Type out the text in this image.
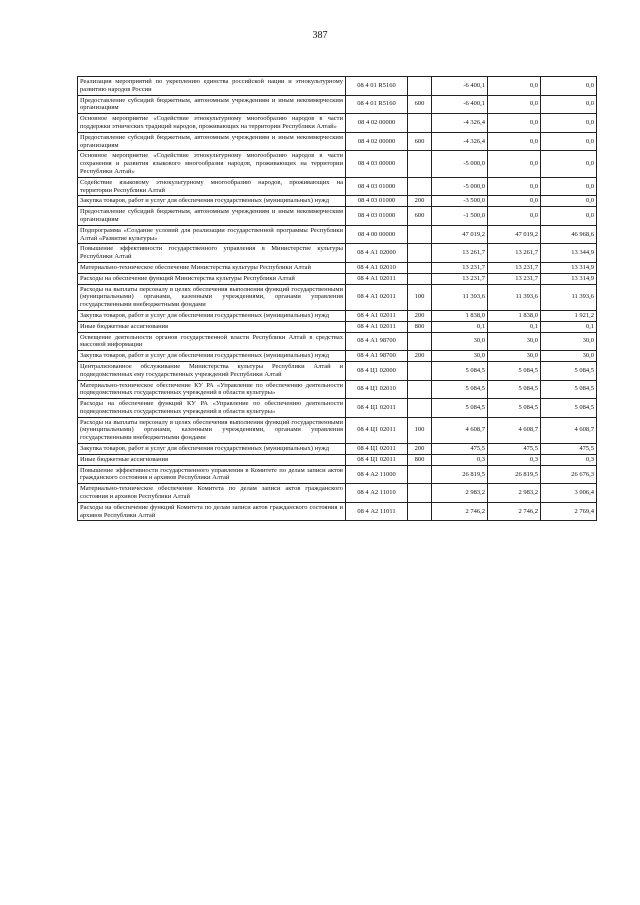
387
Реализация мероприятий по укреплению единства российской нации и этнокультурному развитию народов России	08 4 01 R5160		-6 400,1	0,0	0,0
Предоставление субсидий бюджетным, автономным учреждениям и иным некоммерческим организациям	08 4 01 R5160	600	-6 400,1	0,0	0,0
Основное мероприятие «Содействие этнокультурному многообразию народов в части поддержки этнических традиций народов, проживающих на территории Республики Алтай»	08 4 02 00000		-4 326,4	0,0	0,0
Предоставление субсидий бюджетным, автономным учреждениям и иным некоммерческим организациям	08 4 02 00000	600	-4 326,4	0,0	0,0
Основное мероприятие «Содействие этнокультурному многообразию народов в части сохранения и развития языкового многообразия народов, проживающих на территории Республики Алтай»	08 4 03 00000		-5 000,0	0,0	0,0
Содействие языковому этнокультурному многообразию народов, проживающих на территории Республики Алтай	08 4 03 01000		-5 000,0	0,0	0,0
Закупка товаров, работ и услуг для обеспечения государственных (муниципальных) нужд	08 4 03 01000	200	-3 500,0	0,0	0,0
Предоставление субсидий бюджетным, автономным учреждениям и иным некоммерческим организациям	08 4 03 01000	600	-1 500,0	0,0	0,0
Подпрограмма «Создание условий для реализации государственной программы Республики Алтай «Развитие культуры»	08 4 00 00000		47 019,2	47 019,2	46 968,6
Повышение эффективности государственного управления в Министерстве культуры Республики Алтай	08 4 А1 02000		13 261,7	13 261,7	13 344,9
Материально-техническое обеспечение Министерства культуры Республики Алтай	08 4 А1 02010		13 231,7	13 231,7	13 314,9
Расходы на обеспечение функций Министерства культуры Республики Алтай	08 4 А1 02011		13 231,7	13 231,7	13 314,9
Расходы на выплаты персоналу в целях обеспечения выполнения функций государственными (муниципальными) органами, казенными учреждениями, органами управления государственными внебюджетными фондами	08 4 А1 02011	100	11 393,6	11 393,6	11 393,6
Закупка товаров, работ и услуг для обеспечения государственных (муниципальных) нужд	08 4 А1 02011	200	1 838,0	1 838,0	1 921,2
Иные бюджетные ассигнования	08 4 А1 02011	800	0,1	0,1	0,1
Освещение деятельности органов государственной власти Республики Алтай в средствах массовой информации	08 4 А1 98700		30,0	30,0	30,0
Закупка товаров, работ и услуг для обеспечения государственных (муниципальных) нужд	08 4 А1 98700	200	30,0	30,0	30,0
Централизованное обслуживание Министерства культуры Республики Алтай и подведомственных ему государственных учреждений Республики Алтай	08 4 Ц1 02000		5 084,5	5 084,5	5 084,5
Материально-техническое обеспечение КУ РА «Управление по обеспечению деятельности подведомственных государственных учреждений в области культуры»	08 4 Ц1 02010		5 084,5	5 084,5	5 084,5
Расходы на обеспечение функций КУ РА «Управление по обеспечению деятельности подведомственных государственных учреждений в области культуры»	08 4 Ц1 02011		5 084,5	5 084,5	5 084,5
Расходы на выплаты персоналу в целях обеспечения выполнения функций государственными (муниципальными) органами, казенными учреждениями, органами управления государственными внебюджетными фондами	08 4 Ц1 02011	100	4 608,7	4 608,7	4 608,7
Закупка товаров, работ и услуг для обеспечения государственных (муниципальных) нужд	08 4 Ц1 02011	200	475,5	475,5	475,5
Иные бюджетные ассигнования	08 4 Ц1 02011	800	0,3	0,3	0,3
Повышение эффективности государственного управления в Комитете по делам записи актов гражданского состояния и архивов Республики Алтай	08 4 А2 11000		26 819,5	26 819,5	26 676,3
Материально-техническое обеспечение Комитета по делам записи актов гражданского состояния и архивов Республики Алтай	08 4 А2 11010		2 983,2	2 983,2	3 006,4
Расходы на обеспечение функций Комитета по делам записи актов гражданского состояния и архивов Республики Алтай	08 4 А2 11011		2 746,2	2 746,2	2 769,4
